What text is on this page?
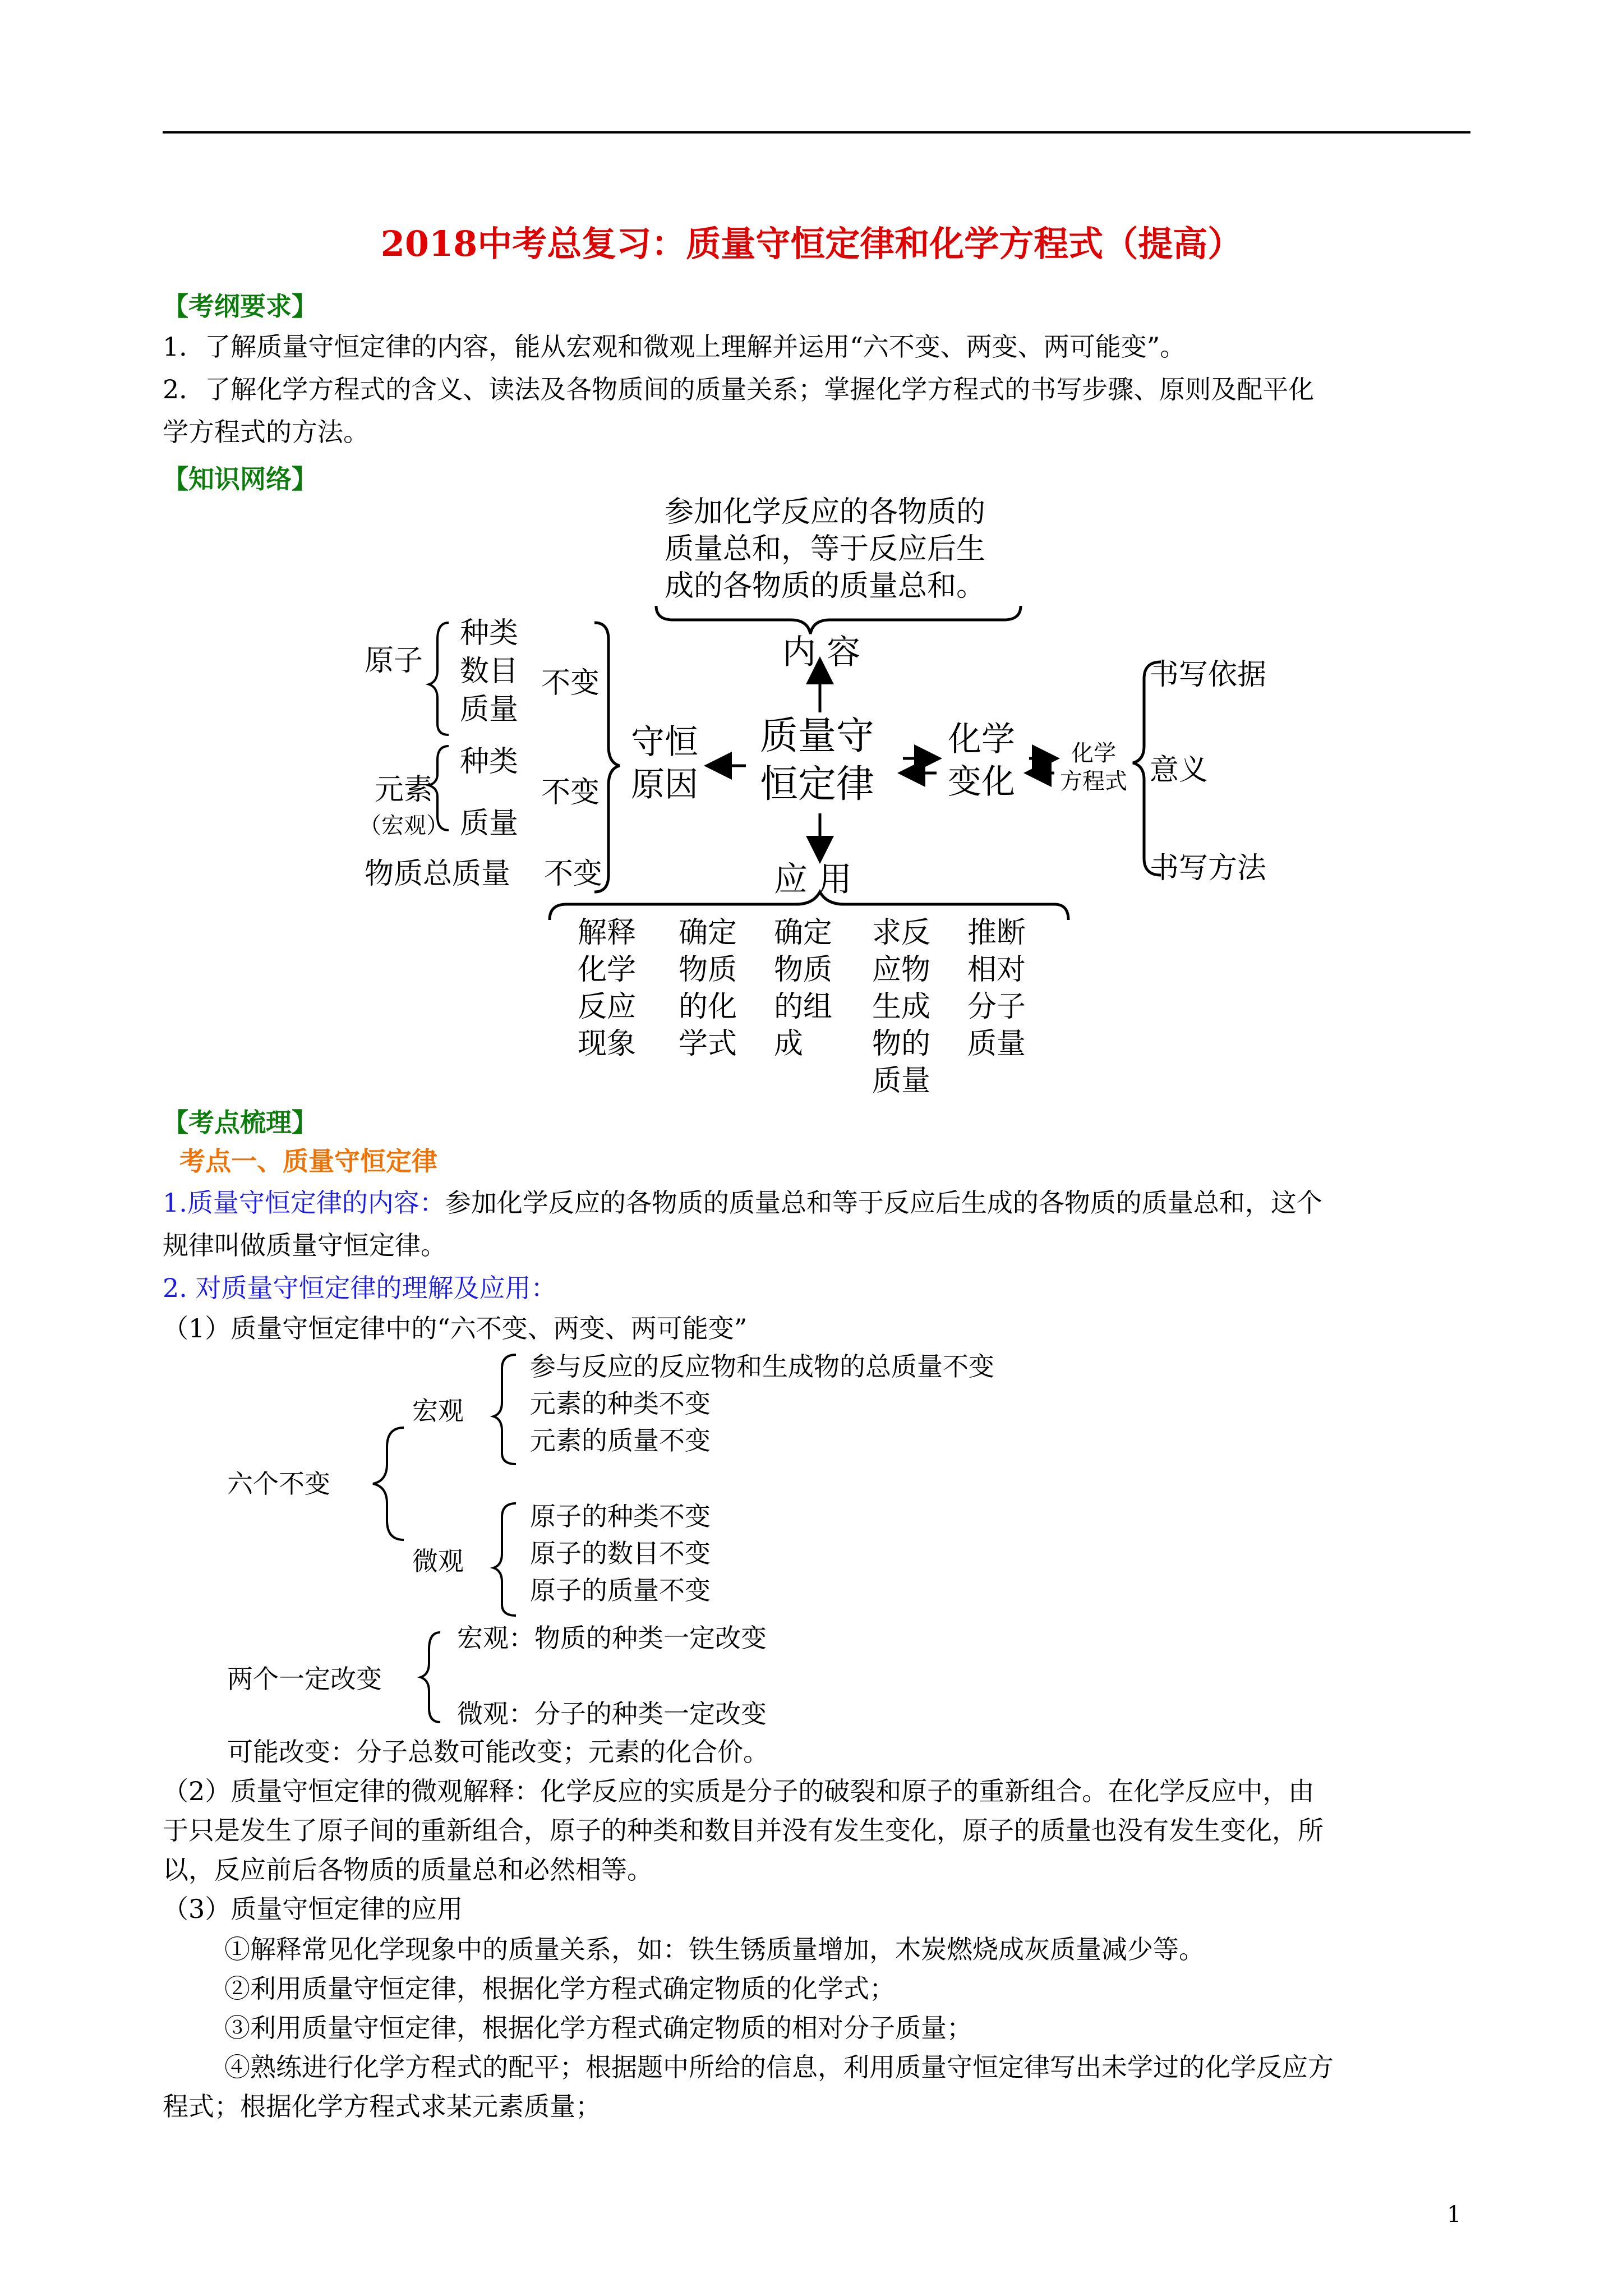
2018中考总复习：质量守恒定律和化学方程式（提高）
【考纲要求】
1．了解质量守恒定律的内容，能从宏观和微观上理解并运用“六不变、两变、两可能变”。
2．了解化学方程式的含义、读法及各物质间的质量关系；掌握化学方程式的书写步骤、原则及配平化
学方程式的方法。
【知识网络】
参加化学反应的各物质的
质量总和，等于反应后生
成的各物质的质量总和。
内 容
质量守
恒定律
守恒
原因
化学
变化
化学
方程式
书写依据
意义
书写方法
原子
种类
数目
质量
不变
元素
（宏观）
种类
质量
不变
物质总质量 不变	应 用
解释
化学
反应
现象
确定
物质
的化
学式
确定
物质
的组
成
求反
应物
生成
物的
质量
推断
相对
分子
质量
【考点梳理】
考点一、质量守恒定律
1.质量守恒定律的内容：参加化学反应的各物质的质量总和等于反应后生成的各物质的质量总和，这个
规律叫做质量守恒定律。
2. 对质量守恒定律的理解及应用：
（1）质量守恒定律中的“六不变、两变、两可能变”
六个不变
宏观
参与反应的反应物和生成物的总质量不变
元素的种类不变
元素的质量不变
微观
原子的种类不变
原子的数目不变
原子的质量不变
两个一定改变
宏观：物质的种类一定改变
微观：分子的种类一定改变
可能改变：分子总数可能改变；元素的化合价。
（2）质量守恒定律的微观解释：化学反应的实质是分子的破裂和原子的重新组合。在化学反应中，由
于只是发生了原子间的重新组合，原子的种类和数目并没有发生变化，原子的质量也没有发生变化，所
以，反应前后各物质的质量总和必然相等。
（3）质量守恒定律的应用
①解释常见化学现象中的质量关系，如：铁生锈质量增加，木炭燃烧成灰质量减少等。
②利用质量守恒定律，根据化学方程式确定物质的化学式；
③利用质量守恒定律，根据化学方程式确定物质的相对分子质量；
④熟练进行化学方程式的配平；根据题中所给的信息，利用质量守恒定律写出未学过的化学反应方
程式；根据化学方程式求某元素质量；
1
